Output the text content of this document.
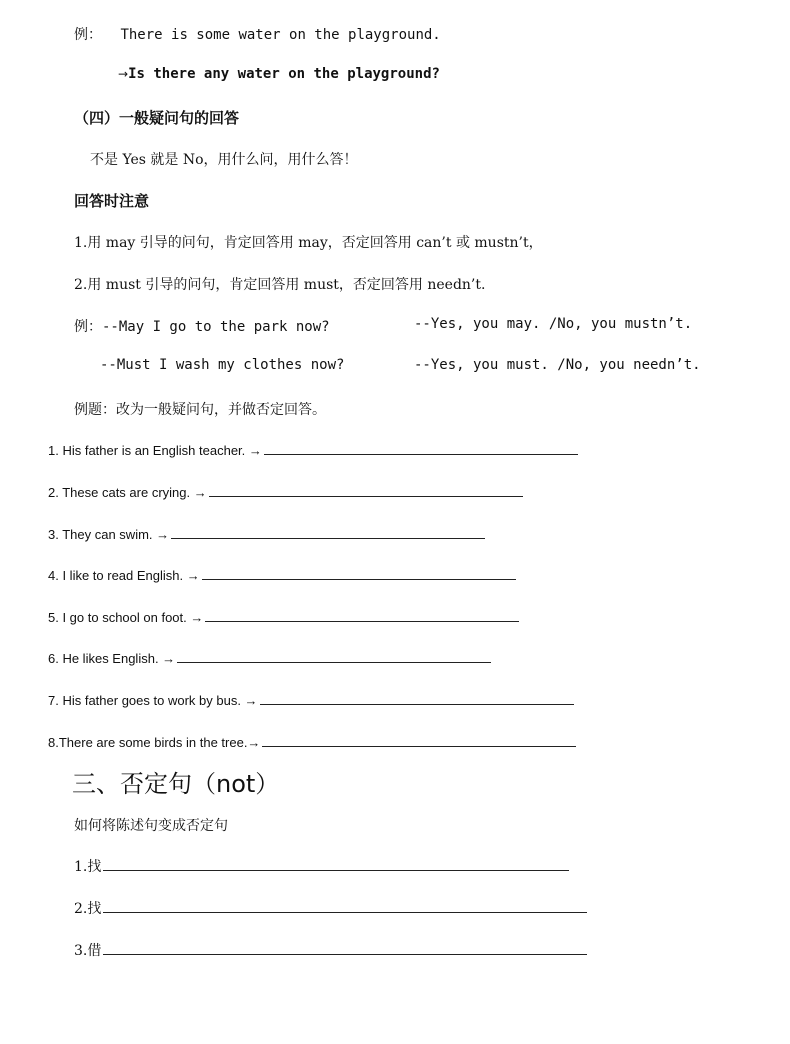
例： There is some water on the playground.
→Is there any water on the playground?
（四）一般疑问句的回答
不是 Yes 就是 No，用什么问，用什么答！
回答时注意
1.用 may 引导的问句，肯定回答用 may，否定回答用 can’t 或 mustn’t，
2.用 must 引导的问句，肯定回答用 must，否定回答用 needn’t.
例：--May I go to the park now?	--Yes, you may. /No, you mustn’t.
--Must I wash my clothes now?	--Yes, you must. /No, you needn’t.
例题：改为一般疑问句，并做否定回答。
1. His father is an English teacher. →
2. These cats are crying. →
3. They can swim. →
4. I like to read English. →
5. I go to school on foot. →
6. He likes English. →
7. His father goes to work by bus. →
8.There are some birds in the tree.→
三、否定句（not）
如何将陈述句变成否定句
1.找
2.找
3.借
